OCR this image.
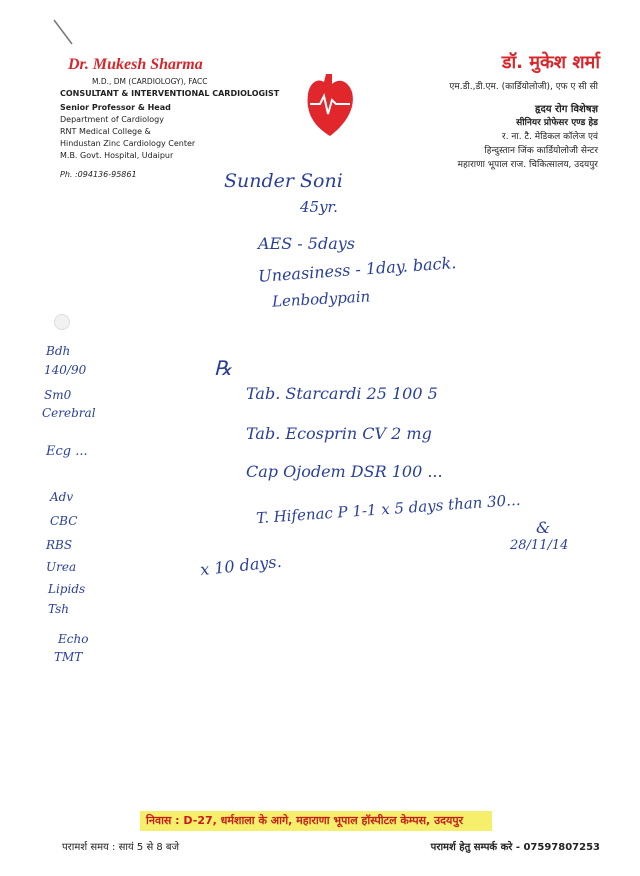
Dr. Mukesh Sharma
M.D., DM (CARDIOLOGY), FACC
CONSULTANT & INTERVENTIONAL CARDIOLOGIST
Senior Professor & Head
Department of Cardiology
RNT Medical College &
Hindustan Zinc Cardiology Center
M.B. Govt. Hospital, Udaipur
Ph. :094136-95861
डॉ. मुकेश शर्मा
एम.डी.,डी.एम. (कार्डियोलोजी), एफ ए सी सी
हृदय रोग विशेषज्ञ
सीनियर प्रोफेसर एण्ड हेड
र. ना. टै. मेडिकल कॉलेज एवं
हिन्दुस्तान जिंक कार्डियोलोजी सेन्टर
महाराणा भूपाल राज. चिकित्सालय, उदयपुर
Sunder Soni
45yr.
AES - 5days
Uneasiness - 1day. back.
Lenbodypain
Bdh
140/90
Sm0
Cerebral
Ecg ...
Adv
CBC
RBS
Urea
Lipids
Tsh
Echo
TMT
℞
Tab. Starcardi 25 100 5
Tab. Ecosprin CV 2 mg
Cap Ojodem DSR 100 ...
T. Hifenac P 1-1 x 5 days than 30...
x 10 days.
&
28/11/14
निवास : D-27, धर्मशाला के आगे, महाराणा भूपाल हॉस्पीटल केम्पस, उदयपुर
परामर्श समय : सायं 5 से 8 बजे	परामर्श हेतु सम्पर्क करे - 07597807253
